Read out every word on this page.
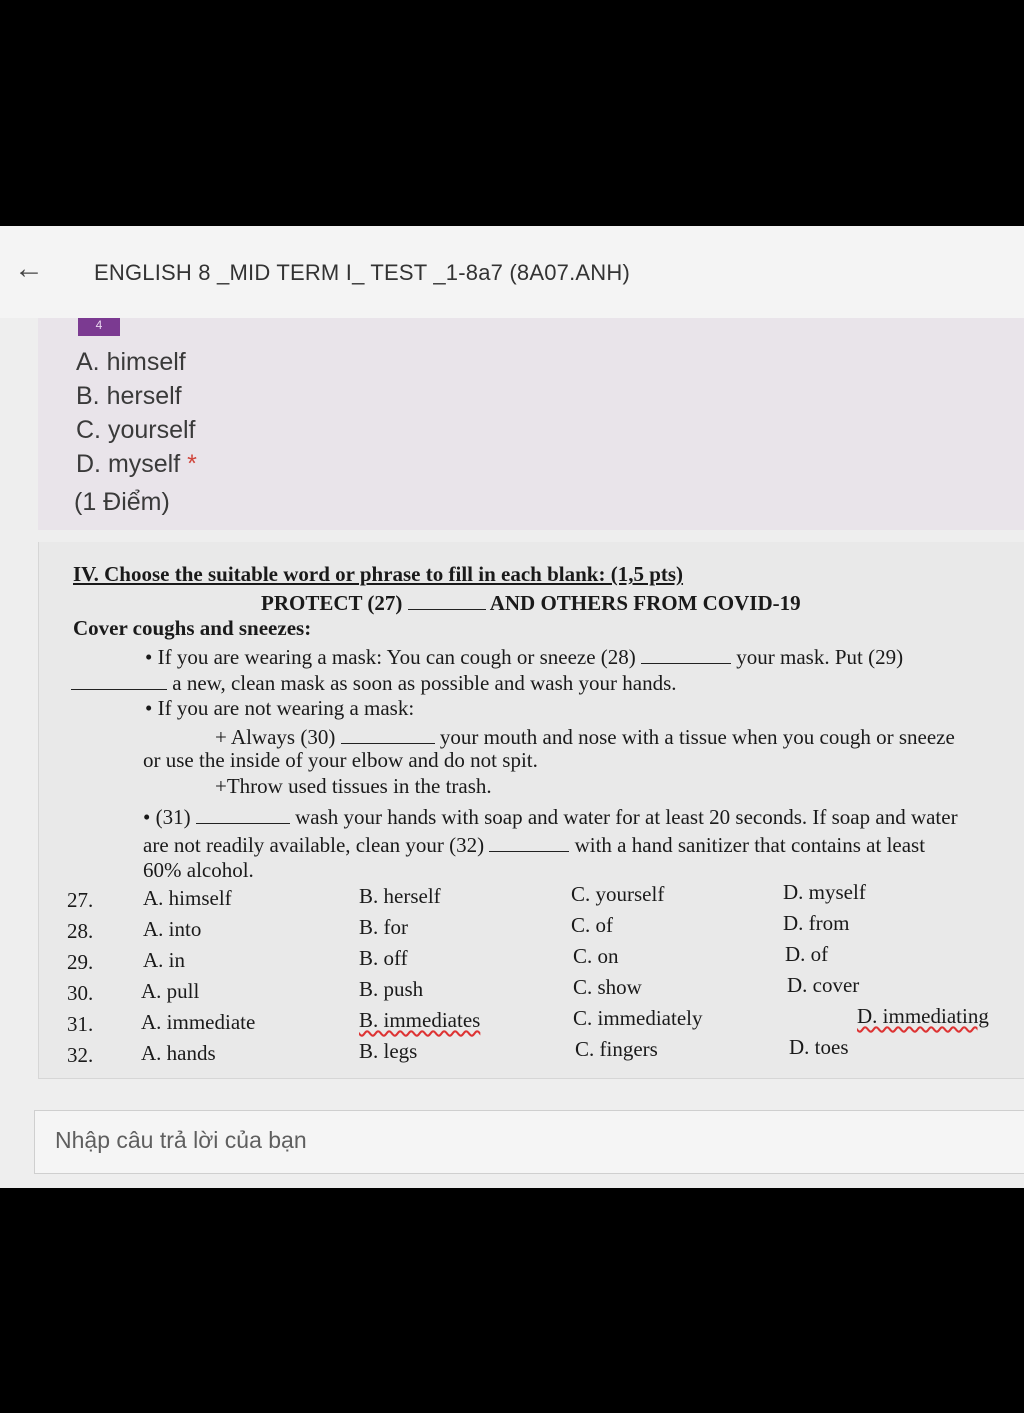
← ENGLISH 8 _MID TERM I_ TEST _1-8a7 (8A07.ANH)
4
A. himself
B. herself
C. yourself
D. myself *
(1 Điểm)
IV. Choose the suitable word or phrase to fill in each blank: (1,5 pts)
PROTECT (27)	AND OTHERS FROM COVID-19
Cover coughs and sneezes:
• If you are wearing a mask: You can cough or sneeze (28)	your mask. Put (29)
a new, clean mask as soon as possible and wash your hands.
• If you are not wearing a mask:
+ Always (30)	your mouth and nose with a tissue when you cough or sneeze
or use the inside of your elbow and do not spit.
+Throw used tissues in the trash.
• (31)	wash your hands with soap and water for at least 20 seconds. If soap and water
are not readily available, clean your (32)	with a hand sanitizer that contains at least
60% alcohol.
27. A. himself	B. herself	C. yourself	D. myself
28. A. into	B. for	C. of	D. from
29. A. in	B. off	C. on	D. of
30. A. pull	B. push	C. show	D. cover
31. A. immediate	B. immediates	C. immediately	D. immediating
32. A. hands	B. legs	C. fingers	D. toes
Nhập câu trả lời của bạn
